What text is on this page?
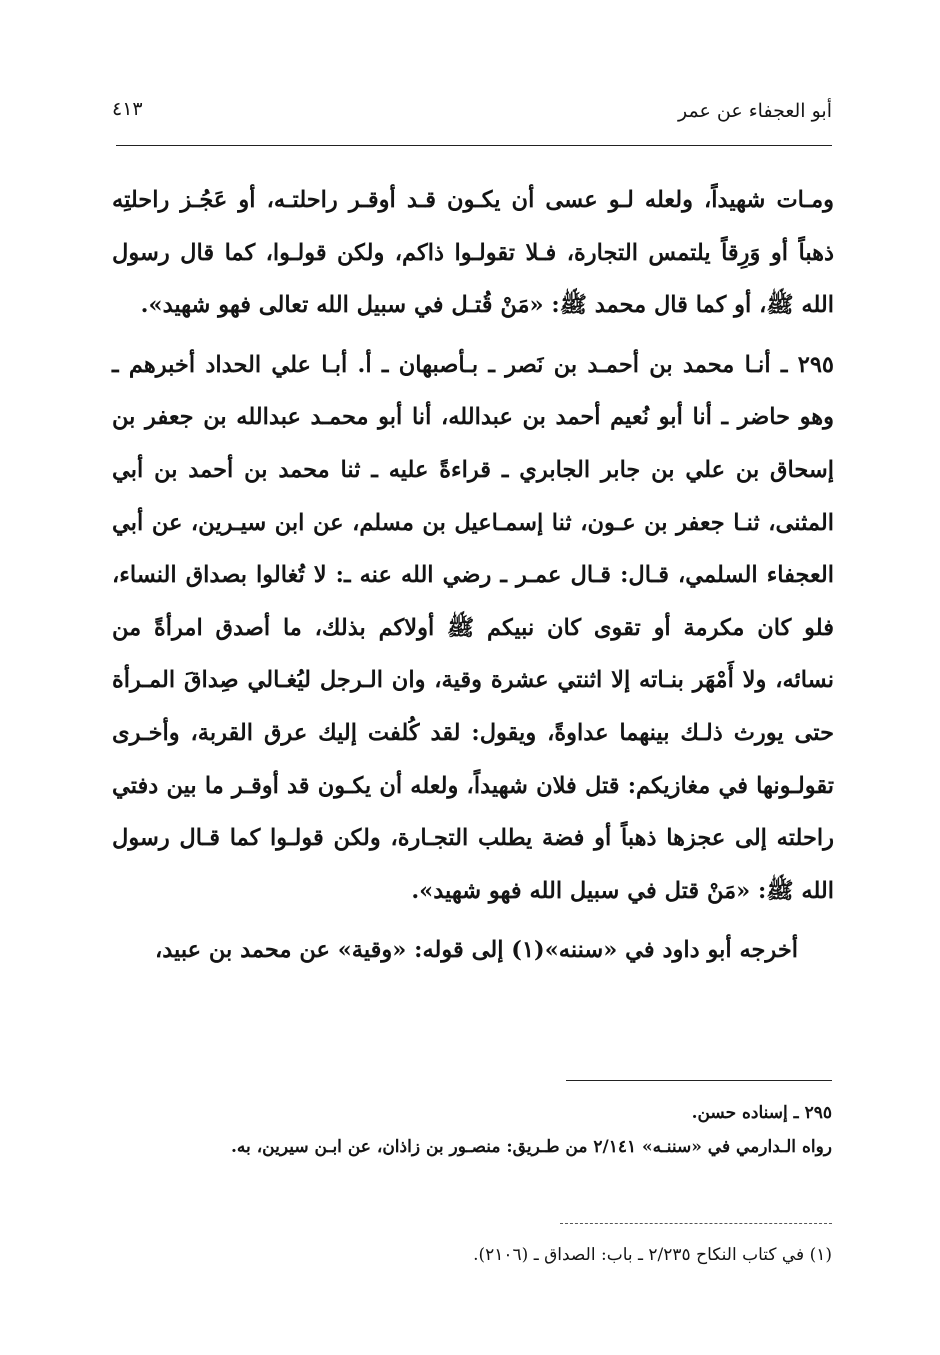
أبو العجفاء عن عمر
٤١٣

ومـات شهيداً، ولعله لـو عسى أن يكـون قـد أوقـر راحلتـه، أو عَجُـز راحلتِه ذهباً أو وَرِقاً يلتمس التجارة، فـلا تقولـوا ذاكم، ولكن قولـوا، كما قال رسول الله ﷺ، أو كما قال محمد ﷺ: «مَنْ قُتـل في سبيل الله تعالى فهو شهيد».

٢٩٥ ـ أنـا محمد بن أحمـد بن نَصر ـ بـأصبهان ـ أ. أبـا علي الحداد أخبرهم ـ وهو حاضر ـ أنا أبو نُعيم أحمد بن عبدالله، أنا أبو محمـد عبدالله بن جعفر بن إسحاق بن علي بن جابر الجابري ـ قراءةً عليه ـ ثنا محمد بن أحمد بن أبي المثنى، ثنـا جعفر بن عـون، ثنا إسمـاعيل بن مسلم، عن ابن سيـرين، عن أبي العجفاء السلمي، قـال: قـال عمـر ـ رضي الله عنه ـ: لا تُغالوا بصداق النساء، فلو كان مكرمة أو تقوى كان نبيكم ﷺ أولاكم بذلك، ما أصدق امرأةً من نسائه، ولا أَمْهَر بنـاته إلا اثنتي عشرة وقية، وان الـرجل ليُغـالي صِداقَ المـرأة حتى يورث ذلـك بينهما عداوةً، ويقول: لقد كُلفت إليك عرق القربة، وأخـرى تقولـونها في مغازيكم: قتل فلان شهيداً، ولعله أن يكـون قد أوقـر ما بين دفتي راحلته إلى عجزها ذهباً أو فضة يطلب التجـارة، ولكن قولـوا كما قـال رسول الله ﷺ: «مَنْ قتل في سبيل الله فهو شهيد».

أخرجه أبو داود في «سننه»(١) إلى قوله: «وقية» عن محمد بن عبيد،

٢٩٥ ـ إسناده حسن.

رواه الـدارمي في «سننـه» ٢/١٤١ من طـريق: منصـور بن زاذان، عن ابـن سيرين، به.

(١) في كتاب النكاح ٢/٢٣٥ ـ باب: الصداق ـ (٢١٠٦).
